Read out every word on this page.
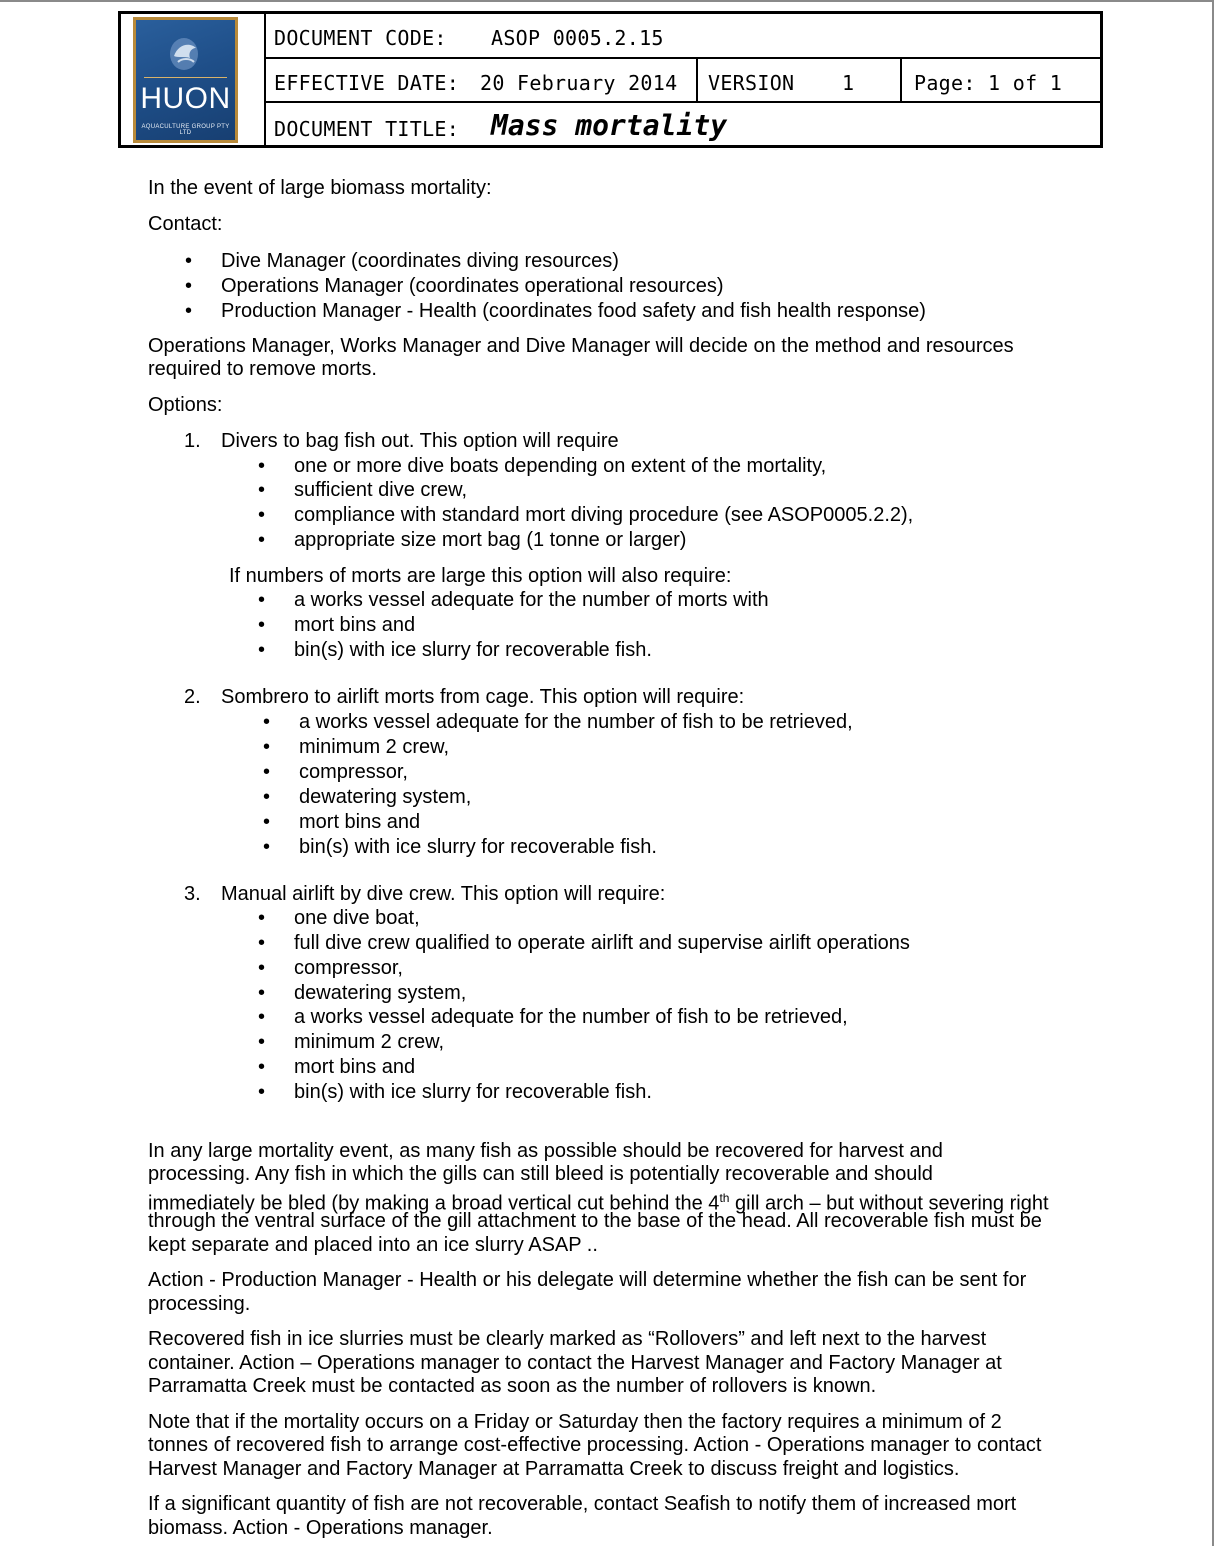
HUON
AQUACULTURE GROUP PTY LTD
DOCUMENT CODE: ASOP 0005.2.15
EFFECTIVE DATE: 20 February 2014 VERSION 1	Page: 1 of 1
DOCUMENT TITLE: Mass mortality
In the event of large biomass mortality:
Contact:
• Dive Manager (coordinates diving resources)
• Operations Manager (coordinates operational resources)
• Production Manager - Health (coordinates food safety and fish health response)
Operations Manager, Works Manager and Dive Manager will decide on the method and resources
required to remove morts.
Options:
1. Divers to bag fish out. This option will require
• one or more dive boats depending on extent of the mortality,
• sufficient dive crew,
• compliance with standard mort diving procedure (see ASOP0005.2.2),
• appropriate size mort bag (1 tonne or larger)
If numbers of morts are large this option will also require:
• a works vessel adequate for the number of morts with
• mort bins and
• bin(s) with ice slurry for recoverable fish.
2. Sombrero to airlift morts from cage. This option will require:
• a works vessel adequate for the number of fish to be retrieved,
• minimum 2 crew,
• compressor,
• dewatering system,
• mort bins and
• bin(s) with ice slurry for recoverable fish.
3. Manual airlift by dive crew. This option will require:
• one dive boat,
• full dive crew qualified to operate airlift and supervise airlift operations
• compressor,
• dewatering system,
• a works vessel adequate for the number of fish to be retrieved,
• minimum 2 crew,
• mort bins and
• bin(s) with ice slurry for recoverable fish.
In any large mortality event, as many fish as possible should be recovered for harvest and
processing. Any fish in which the gills can still bleed is potentially recoverable and should
immediately be bled (by making a broad vertical cut behind the 4th gill arch – but without severing right
through the ventral surface of the gill attachment to the base of the head. All recoverable fish must be
kept separate and placed into an ice slurry ASAP ..
Action - Production Manager - Health or his delegate will determine whether the fish can be sent for
processing.
Recovered fish in ice slurries must be clearly marked as “Rollovers” and left next to the harvest
container. Action – Operations manager to contact the Harvest Manager and Factory Manager at
Parramatta Creek must be contacted as soon as the number of rollovers is known.
Note that if the mortality occurs on a Friday or Saturday then the factory requires a minimum of 2
tonnes of recovered fish to arrange cost-effective processing. Action - Operations manager to contact
Harvest Manager and Factory Manager at Parramatta Creek to discuss freight and logistics.
If a significant quantity of fish are not recoverable, contact Seafish to notify them of increased mort
biomass. Action - Operations manager.
